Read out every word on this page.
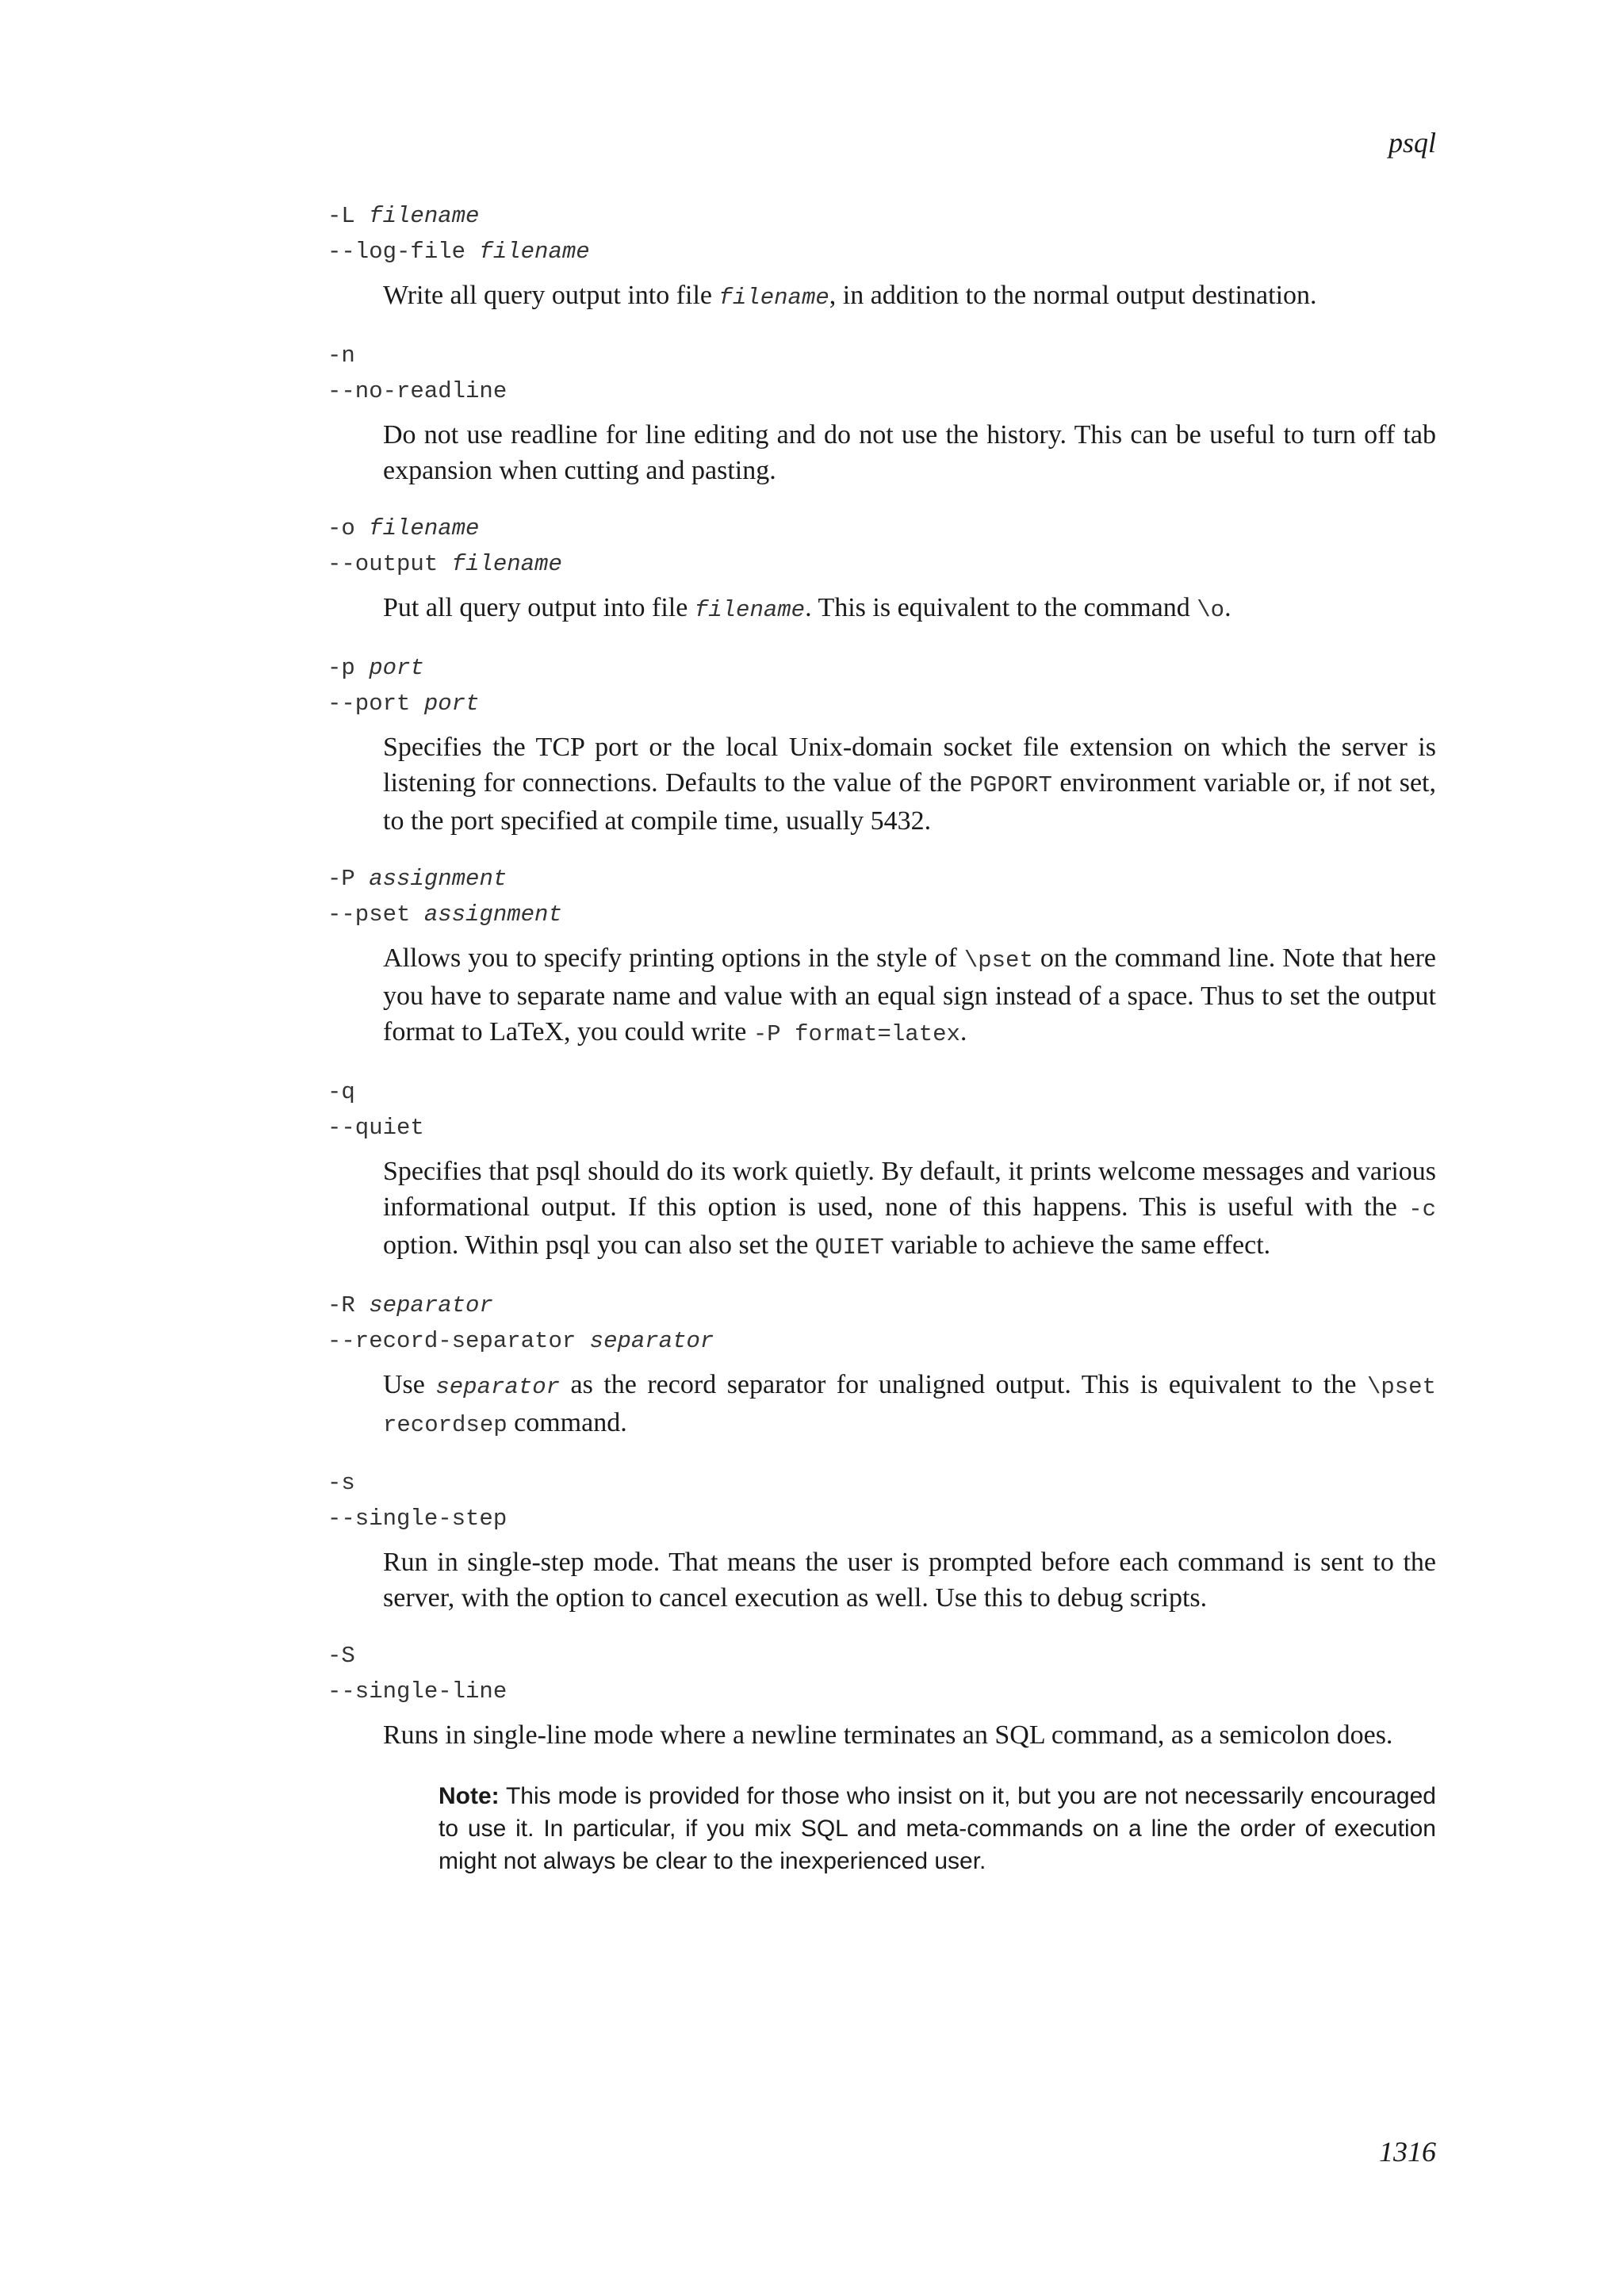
psql
-L filename
--log-file filename
Write all query output into file filename, in addition to the normal output destination.
-n
--no-readline
Do not use readline for line editing and do not use the history. This can be useful to turn off tab expansion when cutting and pasting.
-o filename
--output filename
Put all query output into file filename. This is equivalent to the command \o.
-p port
--port port
Specifies the TCP port or the local Unix-domain socket file extension on which the server is listening for connections. Defaults to the value of the PGPORT environment variable or, if not set, to the port specified at compile time, usually 5432.
-P assignment
--pset assignment
Allows you to specify printing options in the style of \pset on the command line. Note that here you have to separate name and value with an equal sign instead of a space. Thus to set the output format to LaTeX, you could write -P format=latex.
-q
--quiet
Specifies that psql should do its work quietly. By default, it prints welcome messages and various informational output. If this option is used, none of this happens. This is useful with the -c option. Within psql you can also set the QUIET variable to achieve the same effect.
-R separator
--record-separator separator
Use separator as the record separator for unaligned output. This is equivalent to the \pset recordsep command.
-s
--single-step
Run in single-step mode. That means the user is prompted before each command is sent to the server, with the option to cancel execution as well. Use this to debug scripts.
-S
--single-line
Runs in single-line mode where a newline terminates an SQL command, as a semicolon does.
Note: This mode is provided for those who insist on it, but you are not necessarily encouraged to use it. In particular, if you mix SQL and meta-commands on a line the order of execution might not always be clear to the inexperienced user.
1316
